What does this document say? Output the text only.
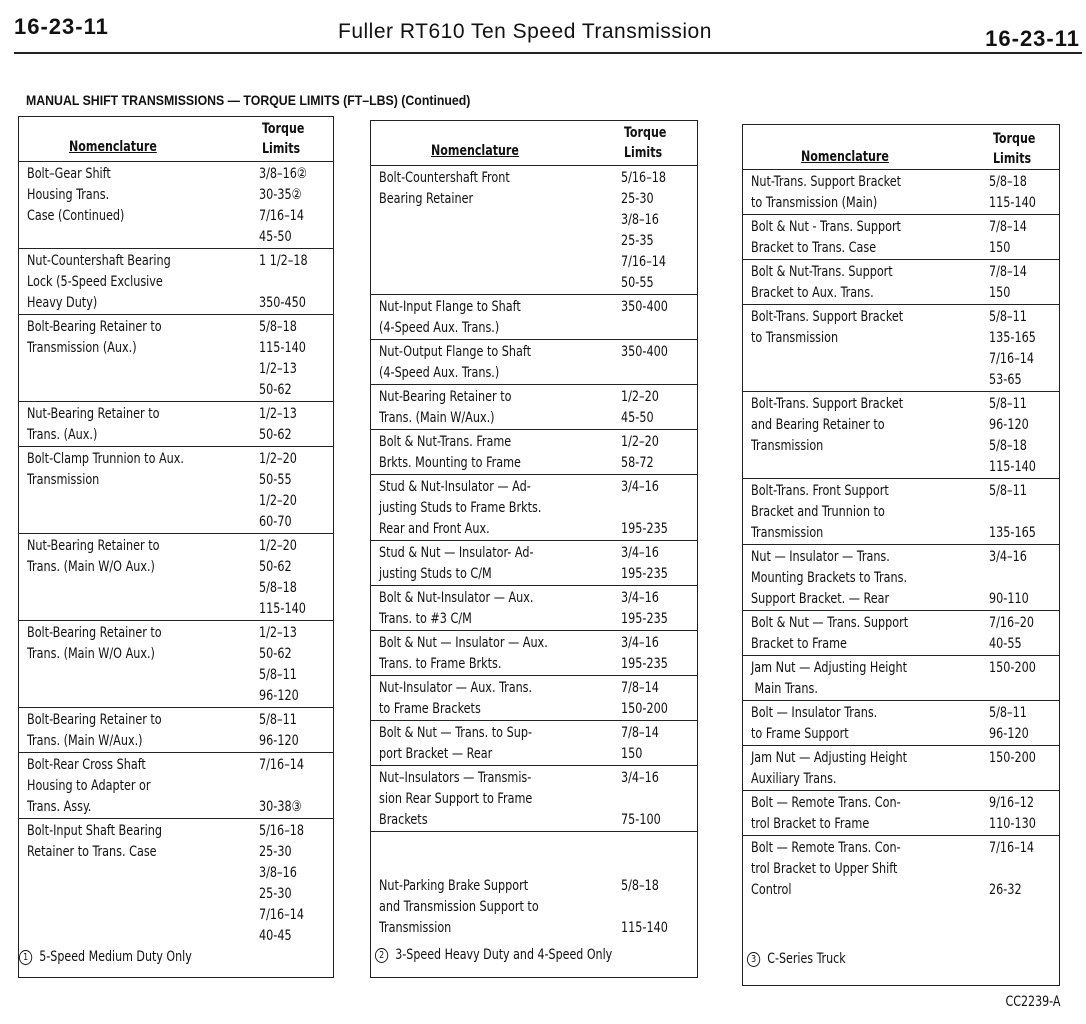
16-23-11	Fuller RT610 Ten Speed Transmission	16-23-11
MANUAL SHIFT TRANSMISSIONS — TORQUE LIMITS (FT–LBS) (Continued)
Nomenclature
Torque
Limits
Bolt–Gear Shift
Housing Trans.
Case (Continued)
3/8–16②
30-35②
7/16–14
45-50
Nut-Countershaft Bearing
Lock (5-Speed Exclusive
Heavy Duty)
1 1/2–18

350-450
Bolt-Bearing Retainer to
Transmission (Aux.)
5/8–18
115-140
1/2–13
50-62
Nut-Bearing Retainer to
Trans. (Aux.)
1/2–13
50-62
Bolt-Clamp Trunnion to Aux.
Transmission
1/2–20
50-55
1/2–20
60-70
Nut-Bearing Retainer to
Trans. (Main W/O Aux.)
1/2–20
50-62
5/8–18
115-140
Bolt-Bearing Retainer to
Trans. (Main W/O Aux.)
1/2–13
50-62
5/8–11
96-120
Bolt-Bearing Retainer to
Trans. (Main W/Aux.)
5/8–11
96-120
Bolt-Rear Cross Shaft
Housing to Adapter or
Trans. Assy.
7/16–14

30-38③
Bolt-Input Shaft Bearing
Retainer to Trans. Case
5/16–18
25-30
3/8–16
25-30
7/16–14
40-45
1 5-Speed Medium Duty Only
Nomenclature
Torque
Limits
Bolt-Countershaft Front
Bearing Retainer
5/16–18
25-30
3/8–16
25-35
7/16–14
50-55
Nut-Input Flange to Shaft
(4-Speed Aux. Trans.)
350-400
Nut-Output Flange to Shaft
(4-Speed Aux. Trans.)
350-400
Nut-Bearing Retainer to
Trans. (Main W/Aux.)
1/2–20
45-50
Bolt & Nut-Trans. Frame
Brkts. Mounting to Frame
1/2–20
58-72
Stud & Nut-Insulator — Ad-
justing Studs to Frame Brkts.
Rear and Front Aux.
3/4–16

195-235
Stud & Nut — Insulator- Ad-
justing Studs to C/M
3/4–16
195-235
Bolt & Nut-Insulator — Aux.
Trans. to #3 C/M
3/4–16
195-235
Bolt & Nut — Insulator — Aux.
Trans. to Frame Brkts.
3/4–16
195-235
Nut-Insulator — Aux. Trans.
to Frame Brackets
7/8–14
150-200
Bolt & Nut — Trans. to Sup-
port Bracket — Rear
7/8–14
150
Nut–Insulators — Transmis-
sion Rear Support to Frame
Brackets
3/4–16

75-100

Nut-Parking Brake Support
and Transmission Support to
Transmission

5/8–18

115-140
2 3-Speed Heavy Duty and 4-Speed Only
Nomenclature
Torque
Limits
Nut-Trans. Support Bracket
to Transmission (Main)
5/8–18
115-140
Bolt & Nut - Trans. Support
Bracket to Trans. Case
7/8–14
150
Bolt & Nut-Trans. Support
Bracket to Aux. Trans.
7/8–14
150
Bolt-Trans. Support Bracket
to Transmission
5/8–11
135-165
7/16–14
53-65
Bolt-Trans. Support Bracket
and Bearing Retainer to
Transmission
5/8–11
96-120
5/8–18
115-140
Bolt-Trans. Front Support
Bracket and Trunnion to
Transmission
5/8–11

135-165
Nut — Insulator — Trans.
Mounting Brackets to Trans.
Support Bracket. — Rear
3/4–16

90-110
Bolt & Nut — Trans. Support
Bracket to Frame
7/16–20
40-55
Jam Nut — Adjusting Height
Main Trans.
150-200
Bolt — Insulator Trans.
to Frame Support
5/8–11
96-120
Jam Nut — Adjusting Height
Auxiliary Trans.
150-200
Bolt — Remote Trans. Con-
trol Bracket to Frame
9/16–12
110-130
Bolt — Remote Trans. Con-
trol Bracket to Upper Shift
Control
7/16–14

26-32
3 C-Series Truck
CC2239-A
